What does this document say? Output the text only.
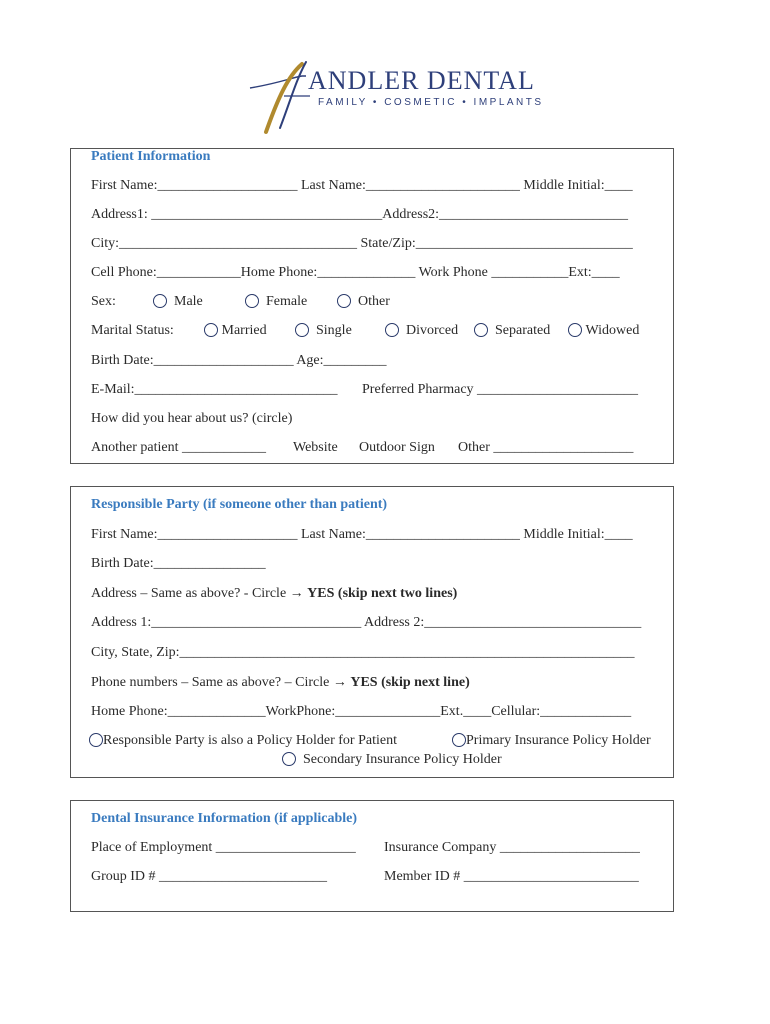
ANDLER DENTAL
FAMILY • COSMETIC • IMPLANTS
Patient Information
First Name:____________________ Last Name:______________________ Middle Initial:____
Address1: _________________________________Address2:___________________________
City:__________________________________ State/Zip:_______________________________
Cell Phone:____________Home Phone:______________ Work Phone ___________Ext:____
Sex:	Male	Female	Other
Marital Status:	Married	Single	Divorced	Separated	Widowed
Birth Date:____________________ Age:_________
E-Mail:_____________________________ Preferred Pharmacy _______________________
How did you hear about us? (circle)
Another patient ____________ Website Outdoor Sign Other ____________________
Responsible Party (if someone other than patient)
First Name:____________________ Last Name:______________________ Middle Initial:____
Birth Date:________________
Address – Same as above? - Circle → YES (skip next two lines)
Address 1:______________________________ Address 2:_______________________________
City, State, Zip:_________________________________________________________________
Phone numbers – Same as above? – Circle → YES (skip next line)
Home Phone:______________WorkPhone:_______________Ext.____Cellular:_____________
Responsible Party is also a Policy Holder for Patient	Primary Insurance Policy Holder
Secondary Insurance Policy Holder
Dental Insurance Information (if applicable)
Place of Employment ____________________ Insurance Company ____________________
Group ID # ________________________	Member ID # _________________________
